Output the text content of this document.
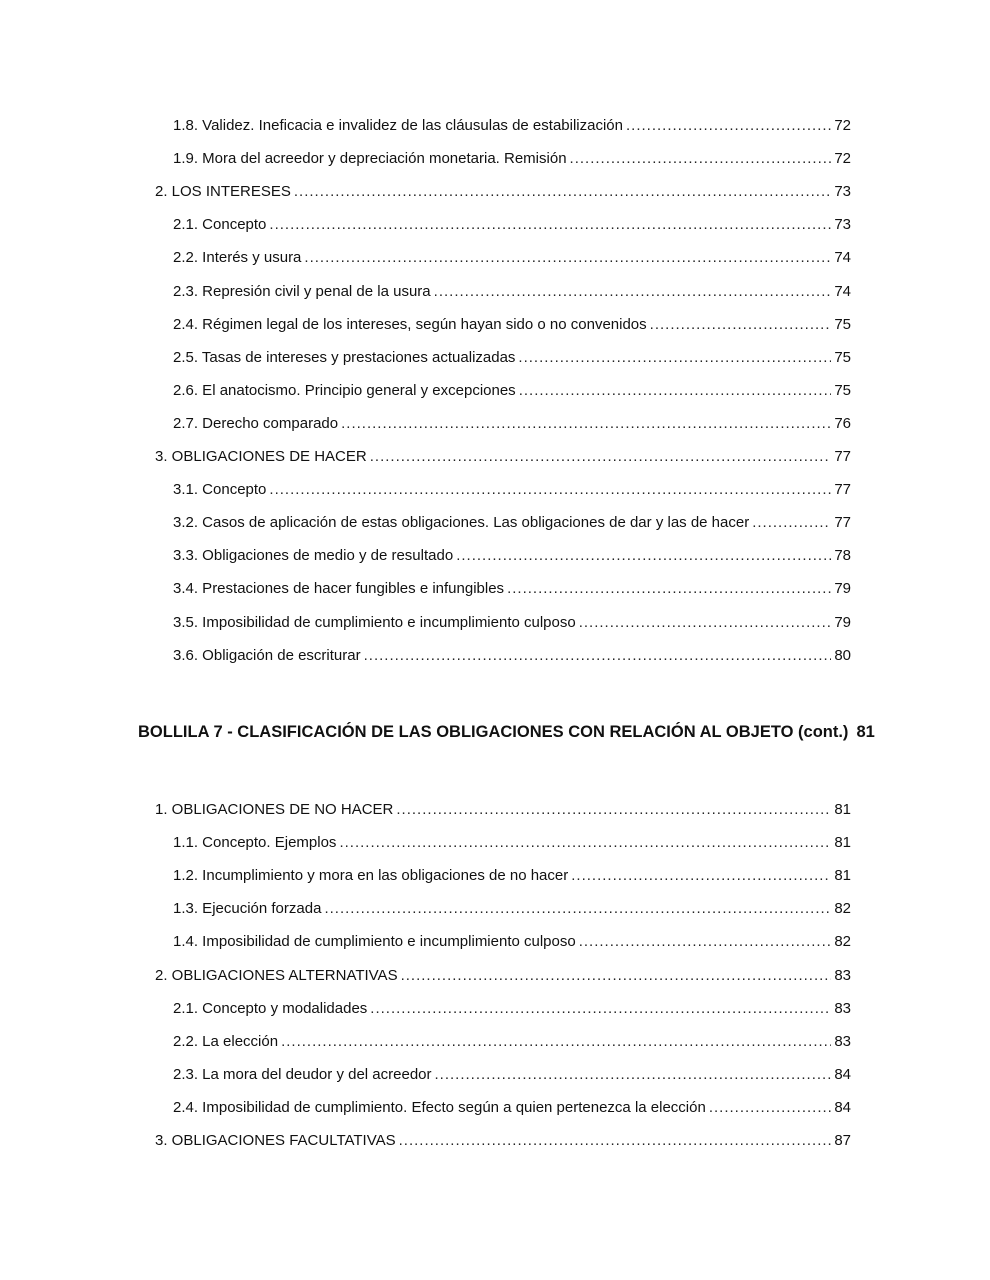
1.8. Validez. Ineficacia e invalidez de las cláusulas de estabilización .....	72
1.9. Mora del acreedor y depreciación monetaria. Remisión .....	72
2. LOS INTERESES .....	73
2.1. Concepto .....	73
2.2. Interés y usura .....	74
2.3. Represión civil y penal de la usura .....	74
2.4. Régimen legal de los intereses, según hayan sido o no convenidos .....	75
2.5. Tasas de intereses y prestaciones actualizadas .....	75
2.6. El anatocismo. Principio general y excepciones .....	75
2.7. Derecho comparado .....	76
3. OBLIGACIONES DE HACER .....	77
3.1. Concepto .....	77
3.2. Casos de aplicación de estas obligaciones. Las obligaciones de dar y las de hacer .....	77
3.3. Obligaciones de medio y de resultado .....	78
3.4. Prestaciones de hacer fungibles e infungibles .....	79
3.5. Imposibilidad de cumplimiento e incumplimiento culposo .....	79
3.6. Obligación de escriturar .....	80
BOLLILA 7 - CLASIFICACIÓN DE LAS OBLIGACIONES CON RELACIÓN AL OBJETO (cont.) 81
1. OBLIGACIONES DE NO HACER .....	81
1.1. Concepto. Ejemplos .....	81
1.2. Incumplimiento y mora en las obligaciones de no hacer .....	81
1.3. Ejecución forzada .....	82
1.4. Imposibilidad de cumplimiento e incumplimiento culposo .....	82
2. OBLIGACIONES ALTERNATIVAS .....	83
2.1. Concepto y modalidades .....	83
2.2. La elección .....	83
2.3. La mora del deudor y del acreedor .....	84
2.4. Imposibilidad de cumplimiento. Efecto según a quien pertenezca la elección .....	84
3. OBLIGACIONES FACULTATIVAS .....	87
